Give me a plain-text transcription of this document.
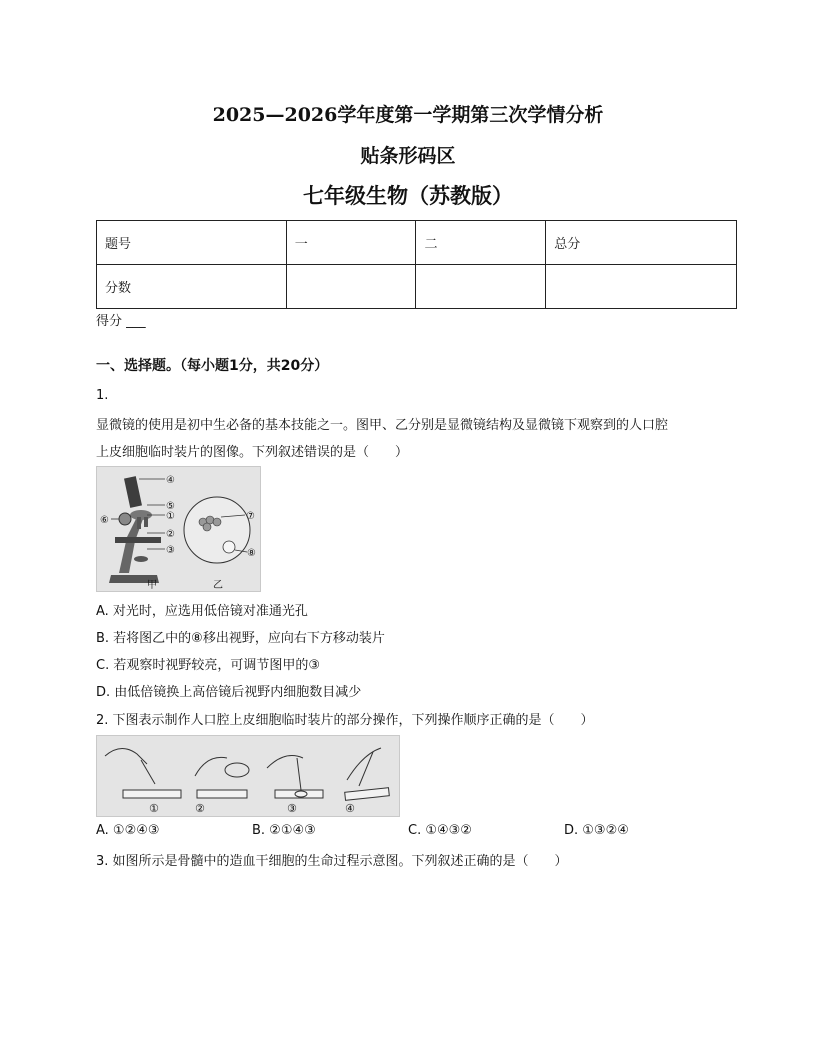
2025—2026学年度第一学期第三次学情分析
贴条形码区
七年级生物（苏教版）
题号	一	二	总分
分数			
得分 ___
一、选择题。（每小题1分，共20分）
1.
显微镜的使用是初中生必备的基本技能之一。图甲、乙分别是显微镜结构及显微镜下观察到的人口腔
上皮细胞临时装片的图像。下列叙述错误的是（　　）
④
⑤
⑥	①
②
③
⑦
⑧
甲	乙
A. 对光时，应选用低倍镜对准通光孔
B. 若将图乙中的⑧移出视野，应向右下方移动装片
C. 若观察时视野较亮，可调节图甲的③
D. 由低倍镜换上高倍镜后视野内细胞数目减少
2. 下图表示制作人口腔上皮细胞临时装片的部分操作，下列操作顺序正确的是（　　）
①	②	③	④
A. ①②④③	B. ②①④③	C. ①④③②	D. ①③②④
3. 如图所示是骨髓中的造血干细胞的生命过程示意图。下列叙述正确的是（　　）
